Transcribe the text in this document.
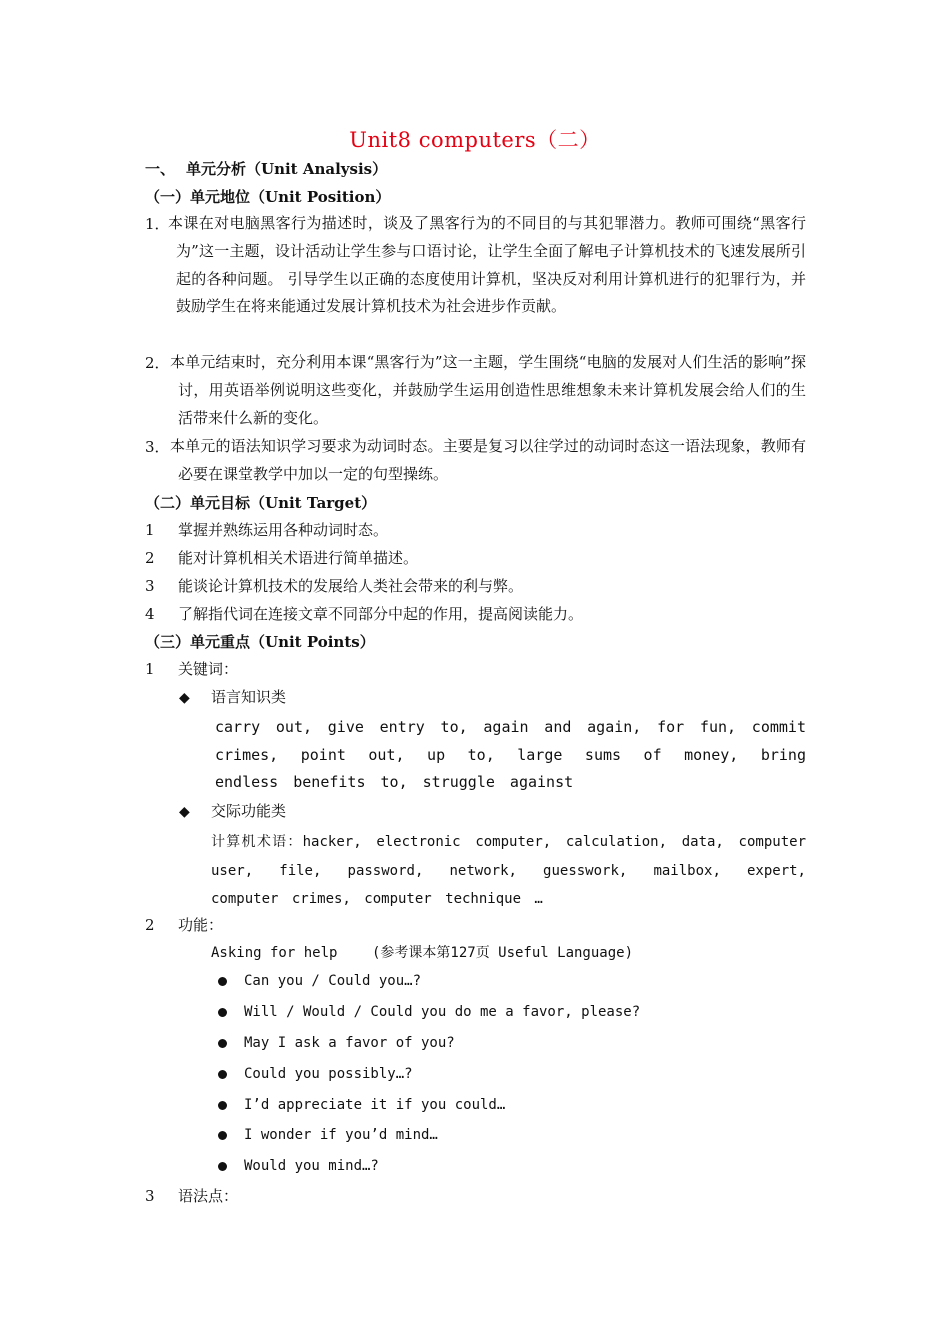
Unit8 computers（二）
一、 单元分析（Unit Analysis）
（一）单元地位（Unit Position）
1．
本课在对电脑黑客行为描述时，谈及了黑客行为的不同目的与其犯罪潜力。教师可围绕“黑客行为”这一主题，设计活动让学生参与口语讨论，让学生全面了解电子计算机技术的飞速发展所引起的各种问题。 引导学生以正确的态度使用计算机，坚决反对利用计算机进行的犯罪行为，并鼓励学生在将来能通过发展计算机技术为社会进步作贡献。
2． 本单元结束时，充分利用本课“黑客行为”这一主题，学生围绕“电脑的发展对人们生活的影响”探讨，用英语举例说明这些变化，并鼓励学生运用创造性思维想象未来计算机发展会给人们的生活带来什么新的变化。
3． 本单元的语法知识学习要求为动词时态。主要是复习以往学过的动词时态这一语法现象，教师有必要在课堂教学中加以一定的句型操练。
（二）单元目标（Unit Target）
1 掌握并熟练运用各种动词时态。
2 能对计算机相关术语进行简单描述。
3 能谈论计算机技术的发展给人类社会带来的利与弊。
4 了解指代词在连接文章不同部分中起的作用，提高阅读能力。
（三）单元重点（Unit Points）
1 关键词：
◆ 语言知识类
carry out, give entry to, again and again, for fun, commit crimes, point out, up to, large sums of money, bring endless benefits to, struggle against
◆ 交际功能类
计算机术语：hacker, electronic computer, calculation, data, computer user, file, password, network, guesswork, mailbox, expert, computer crimes, computer technique …
2 功能：
Asking for help (参考课本第127页 Useful Language)
Can you / Could you…?
Will / Would / Could you do me a favor, please?
May I ask a favor of you?
Could you possibly…?
I’d appreciate it if you could…
I wonder if you’d mind…
Would you mind…?
3 语法点：
